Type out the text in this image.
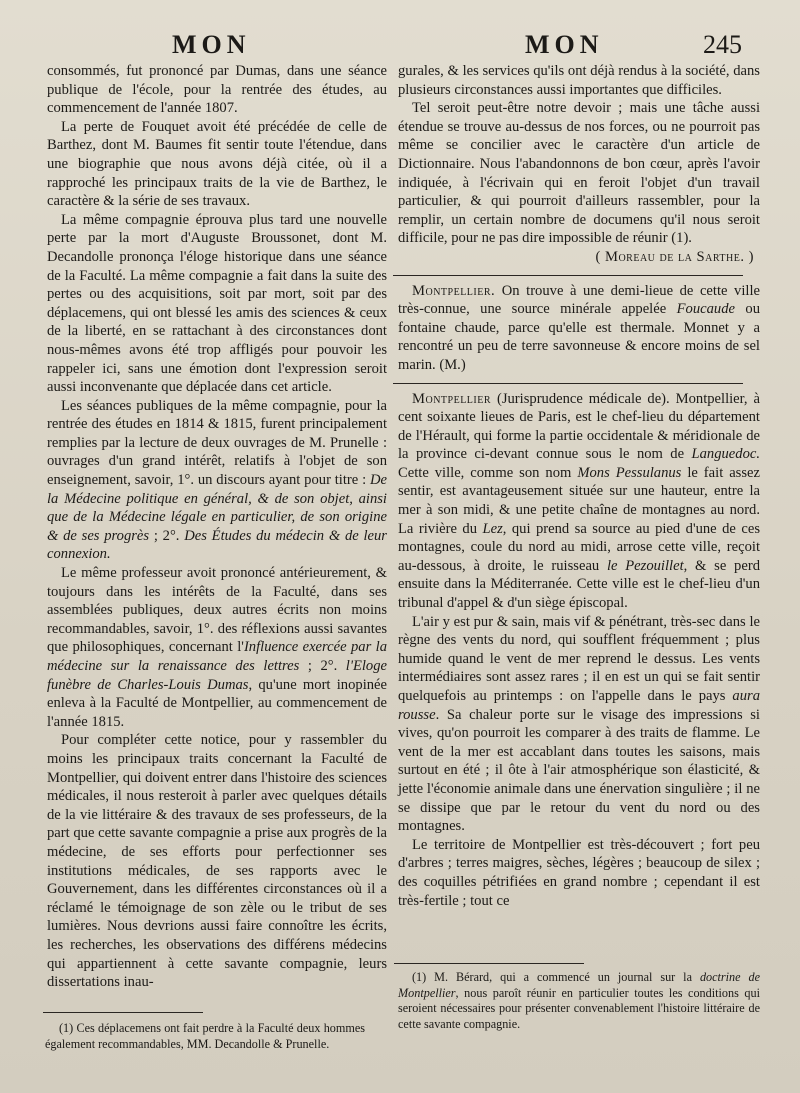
MON	MON	245

consommés, fut prononcé par Dumas, dans une séance publique de l'école, pour la rentrée des études, au commencement de l'année 1807.

La perte de Fouquet avoit été précédée de celle de Barthez, dont M. Baumes fit sentir toute l'étendue, dans une biographie que nous avons déjà citée, où il a rapproché les principaux traits de la vie de Barthez, le caractère & la série de ses travaux.

La même compagnie éprouva plus tard une nouvelle perte par la mort d'Auguste Broussonet, dont M. Decandolle prononça l'éloge historique dans une séance de la Faculté. La même compagnie a fait dans la suite des pertes ou des acquisitions, soit par mort, soit par des déplacemens, qui ont blessé les amis des sciences & ceux de la liberté, en se rattachant à des circonstances dont nous-mêmes avons été trop affligés pour pouvoir les rappeler ici, sans une émotion dont l'expression seroit aussi inconvenante que déplacée dans cet article.

Les séances publiques de la même compagnie, pour la rentrée des études en 1814 & 1815, furent principalement remplies par la lecture de deux ouvrages de M. Prunelle : ouvrages d'un grand intérêt, relatifs à l'objet de son enseignement, savoir, 1°. un discours ayant pour titre : De la Médecine politique en général, & de son objet, ainsi que de la Médecine légale en particulier, de son origine & de ses progrès ; 2°. Des Études du médecin & de leur connexion.

Le même professeur avoit prononcé antérieurement, & toujours dans les intérêts de la Faculté, dans ses assemblées publiques, deux autres écrits non moins recommandables, savoir, 1°. des réflexions aussi savantes que philosophiques, concernant l'Influence exercée par la médecine sur la renaissance des lettres ; 2°. l'Eloge funèbre de Charles-Louis Dumas, qu'une mort inopinée enleva à la Faculté de Montpellier, au commencement de l'année 1815.

Pour compléter cette notice, pour y rassembler du moins les principaux traits concernant la Faculté de Montpellier, qui doivent entrer dans l'histoire des sciences médicales, il nous resteroit à parler avec quelques détails de la vie littéraire & des travaux de ses professeurs, de la part que cette savante compagnie a prise aux progrès de la médecine, de ses efforts pour perfectionner ses institutions médicales, de ses rapports avec le Gouvernement, dans les différentes circonstances où il a réclamé le témoignage de son zèle ou le tribut de ses lumières. Nous devrions aussi faire connoître les écrits, les recherches, les observations des différens médecins qui appartiennent à cette savante compagnie, leurs dissertations inau-

(1) Ces déplacemens ont fait perdre à la Faculté deux hommes également recommandables, MM. Decandolle & Prunelle.

gurales, & les services qu'ils ont déjà rendus à la société, dans plusieurs circonstances aussi importantes que difficiles.

Tel seroit peut-être notre devoir ; mais une tâche aussi étendue se trouve au-dessus de nos forces, ou ne pourroit pas même se concilier avec le caractère d'un article de Dictionnaire. Nous l'abandonnons de bon cœur, après l'avoir indiquée, à l'écrivain qui en feroit l'objet d'un travail particulier, & qui pourroit d'ailleurs rassembler, pour la remplir, un certain nombre de documens qu'il nous seroit difficile, pour ne pas dire impossible de réunir (1).

( Moreau de la Sarthe. )

Montpellier. On trouve à une demi-lieue de cette ville très-connue, une source minérale appelée Foucaude ou fontaine chaude, parce qu'elle est thermale. Monnet y a rencontré un peu de terre savonneuse & encore moins de sel marin. (M.)

Montpellier (Jurisprudence médicale de). Montpellier, à cent soixante lieues de Paris, est le chef-lieu du département de l'Hérault, qui forme la partie occidentale & méridionale de la province ci-devant connue sous le nom de Languedoc. Cette ville, comme son nom Mons Pessulanus le fait assez sentir, est avantageusement située sur une hauteur, entre la mer à son midi, & une petite chaîne de montagnes au nord. La rivière du Lez, qui prend sa source au pied d'une de ces montagnes, coule du nord au midi, arrose cette ville, reçoit au-dessous, à droite, le ruisseau le Pezouillet, & se perd ensuite dans la Méditerranée. Cette ville est le chef-lieu d'un tribunal d'appel & d'un siège épiscopal.

L'air y est pur & sain, mais vif & pénétrant, très-sec dans le règne des vents du nord, qui soufflent fréquemment ; plus humide quand le vent de mer reprend le dessus. Les vents intermédiaires sont assez rares ; il en est un qui se fait sentir quelquefois au printemps : on l'appelle dans le pays aura rousse. Sa chaleur porte sur le visage des impressions si vives, qu'on pourroit les comparer à des traits de flamme. Le vent de la mer est accablant dans toutes les saisons, mais surtout en été ; il ôte à l'air atmosphérique son élasticité, & jette l'économie animale dans une énervation singulière ; il ne se dissipe que par le retour du vent du nord ou des montagnes.

Le territoire de Montpellier est très-découvert ; fort peu d'arbres ; terres maigres, sèches, légères ; beaucoup de silex ; des coquilles pétrifiées en grand nombre ; cependant il est très-fertile ; tout ce

(1) M. Bérard, qui a commencé un journal sur la doctrine de Montpellier, nous paroît réunir en particulier toutes les conditions qui seroient nécessaires pour présenter convenablement l'histoire littéraire de cette savante compagnie.
